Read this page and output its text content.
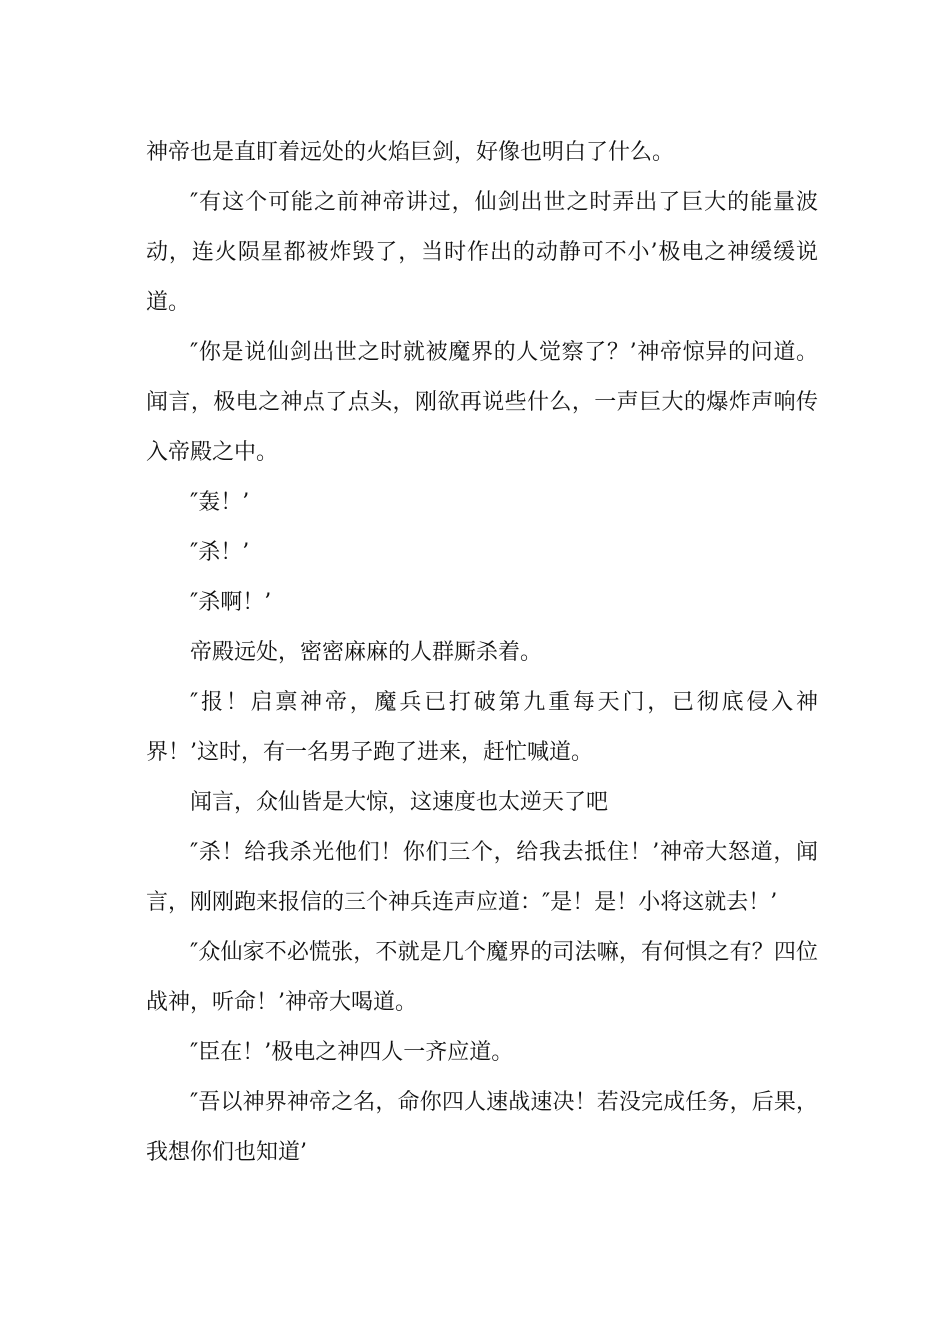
神帝也是直盯着远处的火焰巨剑，好像也明白了什么。

″有这个可能之前神帝讲过，仙剑出世之时弄出了巨大的能量波动，连火陨星都被炸毁了，当时作出的动静可不小’极电之神缓缓说道。

″你是说仙剑出世之时就被魔界的人觉察了？’神帝惊异的问道。闻言，极电之神点了点头，刚欲再说些什么，一声巨大的爆炸声响传入帝殿之中。

″轰！’

″杀！’

″杀啊！’

帝殿远处，密密麻麻的人群厮杀着。

″报！启禀神帝，魔兵已打破第九重每天门，已彻底侵入神界！’这时，有一名男子跑了进来，赶忙喊道。

闻言，众仙皆是大惊，这速度也太逆天了吧

″杀！给我杀光他们！你们三个，给我去抵住！’神帝大怒道，闻言，刚刚跑来报信的三个神兵连声应道：″是！是！小将这就去！’

″众仙家不必慌张，不就是几个魔界的司法嘛，有何惧之有？四位战神，听命！’神帝大喝道。

″臣在！’极电之神四人一齐应道。

″吾以神界神帝之名，命你四人速战速决！若没完成任务，后果，我想你们也知道’
